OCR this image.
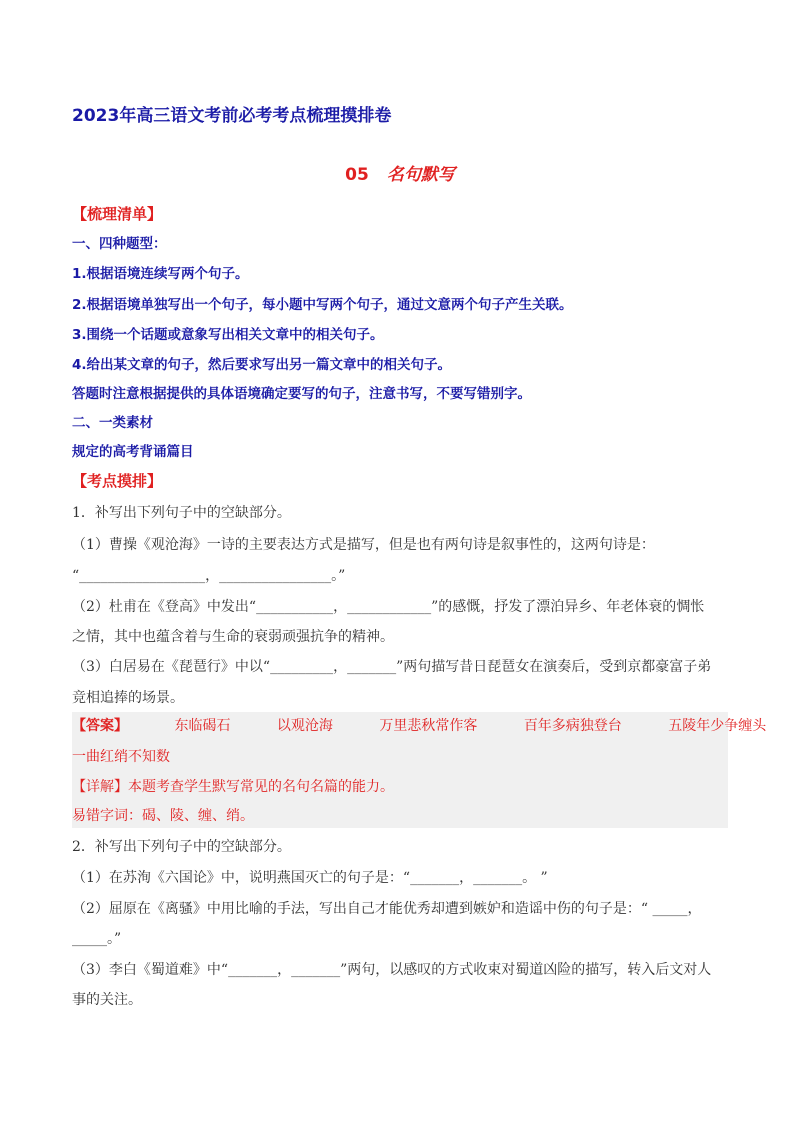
2023年高三语文考前必考考点梳理摸排卷
05 名句默写
【梳理清单】
一、四种题型：
1.根据语境连续写两个句子。
2.根据语境单独写出一个句子，每小题中写两个句子，通过文意两个句子产生关联。
3.围绕一个话题或意象写出相关文章中的相关句子。
4.给出某文章的句子，然后要求写出另一篇文章中的相关句子。
答题时注意根据提供的具体语境确定要写的句子，注意书写，不要写错别字。
二、一类素材
规定的高考背诵篇目
【考点摸排】
1．补写出下列句子中的空缺部分。
（1）曹操《观沧海》一诗的主要表达方式是描写，但是也有两句诗是叙事性的，这两句诗是：
“__________________，________________。”
（2）杜甫在《登高》中发出“___________，____________”的感慨，抒发了漂泊异乡、年老体衰的惆怅
之情，其中也蕴含着与生命的衰弱顽强抗争的精神。
（3）白居易在《琵琶行》中以“_________，_______”两句描写昔日琵琶女在演奏后，受到京都豪富子弟
竞相追捧的场景。
【答案】	东临碣石	以观沧海	万里悲秋常作客	百年多病独登台	五陵年少争缠头
一曲红绡不知数
【详解】本题考查学生默写常见的名句名篇的能力。
易错字词：碣、陵、缠、绡。
2．补写出下列句子中的空缺部分。
（1）在苏洵《六国论》中，说明燕国灭亡的句子是：“_______，_______。 ”
（2）屈原在《离骚》中用比喻的手法，写出自己才能优秀却遭到嫉妒和造谣中伤的句子是：“ _____，
_____。”
（3）李白《蜀道难》中“_______，_______”两句，以感叹的方式收束对蜀道凶险的描写，转入后文对人
事的关注。
